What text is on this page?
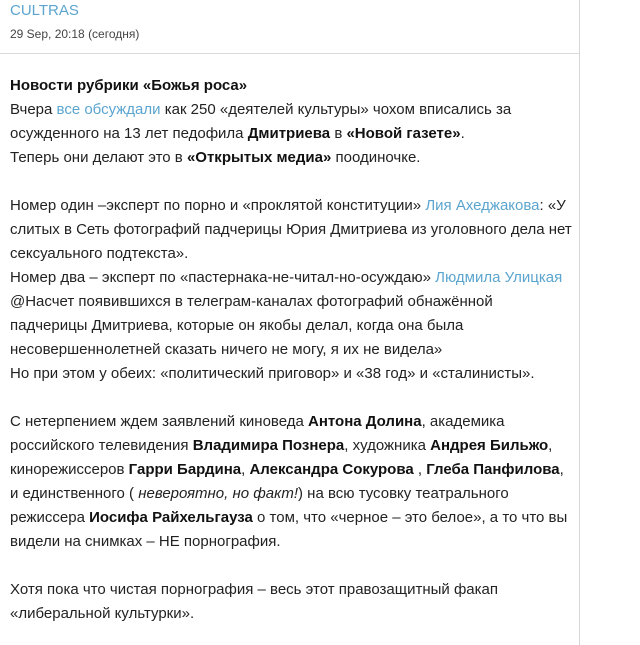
CULTRAS
29 Sep, 20:18 (сегодня)

Новости рубрики «Божья роса»

Вчера все обсуждали как 250 «деятелей культуры» чохом вписались за осужденного на 13 лет педофила Дмитриева в «Новой газете».

Теперь они делают это в «Открытых медиа» поодиночке.

Номер один –эксперт по порно и «проклятой конституции» Лия Ахеджакова: «У слитых в Сеть фотографий падчерицы Юрия Дмитриева из уголовного дела нет сексуального подтекста».

Номер два – эксперт по «пастернака-не-читал-но-осуждаю» Людмила Улицкая @Насчет появившихся в телеграм-каналах фотографий обнажённой падчерицы Дмитриева, которые он якобы делал, когда она была несовершеннолетней сказать ничего не могу, я их не видела»

Но при этом у обеих: «политический приговор» и «38 год» и «сталинисты».

С нетерпением ждем заявлений киноведа Антона Долина, академика российского телевидения Владимира Познера, художника Андрея Бильжо, кинорежиссеров Гарри Бардина, Александра Сокурова , Глеба Панфилова, и единственного ( невероятно, но факт!) на всю тусовку театрального режиссера Иосифа Райхельгауза о том, что «черное – это белое», а то что вы видели на снимках – НЕ порнография.

Хотя пока что чистая порнография – весь этот правозащитный факап «либеральной культурки».
